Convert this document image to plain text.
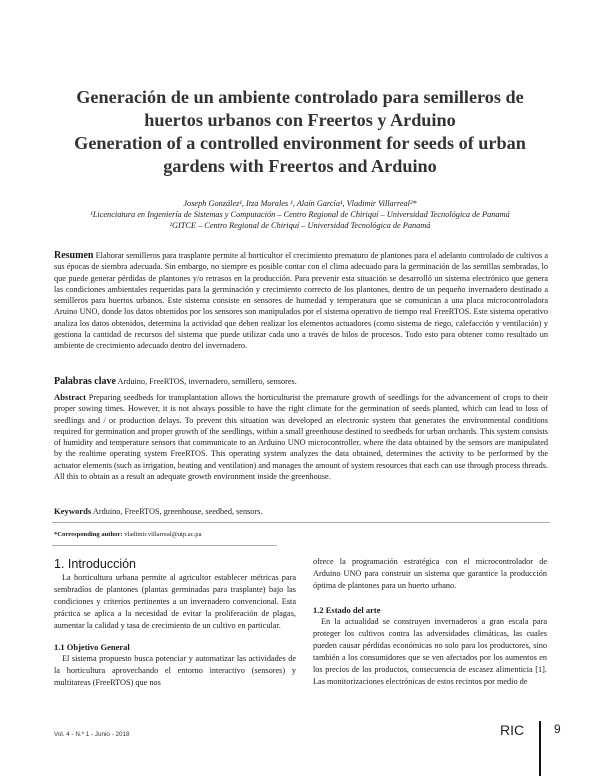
Generación de un ambiente controlado para semilleros de
huertos urbanos con Freertos y Arduino
Generation of a controlled environment for seeds of urban
gardens with Freertos and Arduino
Joseph González¹, Itza Morales ¹, Alaín García¹, Vladimir Villarreal²*
¹Licenciatura en Ingeniería de Sistemas y Computación – Centro Regional de Chiriquí – Universidad Tecnológica de Panamá
²GITCE – Centro Regional de Chiriquí – Universidad Tecnológica de Panamá
Resumen Elaborar semilleros para trasplante permite al horticultor el crecimiento prematuro de plantones para el adelanto controlado de cultivos a sus épocas de siembra adecuada. Sin embargo, no siempre es posible contar con el clima adecuado para la germinación de las semillas sembradas, lo que puede generar pérdidas de plantones y/o retrasos en la producción. Para prevenir esta situación se desarrolló un sistema electrónico que genera las condiciones ambientales requeridas para la germinación y crecimiento correcto de los plantones, dentro de un pequeño invernadero destinado a semilleros para huertos urbanos. Este sistema consiste en sensores de humedad y temperatura que se comunican a una placa microcontroladora Aruino UNO, donde los datos obtenidos por los sensores son manipulados por el sistema operativo de tiempo real FreeRTOS. Este sistema operativo analiza los datos obtenidos, determina la actividad que deben realizar los elementos actuadores (como sistema de riego, calefacción y ventilación) y gestiona la cantidad de recursos del sistema que puede utilizar cada uno a través de hilos de procesos. Todo esto para obtener como resultado un ambiente de crecimiento adecuado dentro del invernadero.
Palabras clave Arduino, FreeRTOS, invernadero, semillero, sensores.
Abstract Preparing seedbeds for transplantation allows the horticulturist the premature growth of seedlings for the advancement of crops to their proper sowing times. However, it is not always possible to have the right climate for the germination of seeds planted, which can lead to loss of seedlings and / or production delays. To prevent this situation was developed an electronic system that generates the environmental conditions required for germination and proper growth of the seedlings, within a small greenhouse destined to seedbeds for urban orchards. This system consists of humidity and temperature sensors that communicate to an Arduino UNO microcontroller, where the data obtained by the sensors are manipulated by the realtime operating system FreeRTOS. This operating system analyzes the data obtained, determines the activity to be performed by the actuator elements (such as irrigation, heating and ventilation) and manages the amount of system resources that each can use through process threads. All this to obtain as a result an adequate growth environment inside the greenhouse.
Keywords Arduino, FreeRTOS, greenhouse, seedbed, sensors.
*Corresponding author: vladimir.villarreal@utp.ac.pa
1. Introducción

La horticultura urbana permite al agricultor establecer métricas para sembradíos de plantones (plantas germinadas para trasplante) bajo las condiciones y criterios pertinentes a un invernadero convencional. Esta práctica se aplica a la necesidad de evitar la proliferación de plagas, aumentar la calidad y tasa de crecimiento de un cultivo en particular.

1.1 Objetivo General

El sistema propuesto busca potenciar y automatizar las actividades de la horticultura aprovechando el entorno interactivo (sensores) y multitareas (FreeRTOS) que nos

ofrece la programación estratégica con el microcontrolador de Arduino UNO para construir un sistema que garantice la producción óptima de plantones para un huerto urbano.

1.2 Estado del arte

En la actualidad se construyen invernaderos a gran escala para proteger los cultivos contra las adversidades climáticas, las cuales pueden causar pérdidas económicas no solo para los productores, sino también a los consumidores que se ven afectados por los aumentos en los precios de los productos, consecuencia de escasez alimenticia [1]. Las monitorizaciones electrónicas de estos recintos por medio de

Vol. 4 - N.º 1 - Junio - 2018	RIC 9
